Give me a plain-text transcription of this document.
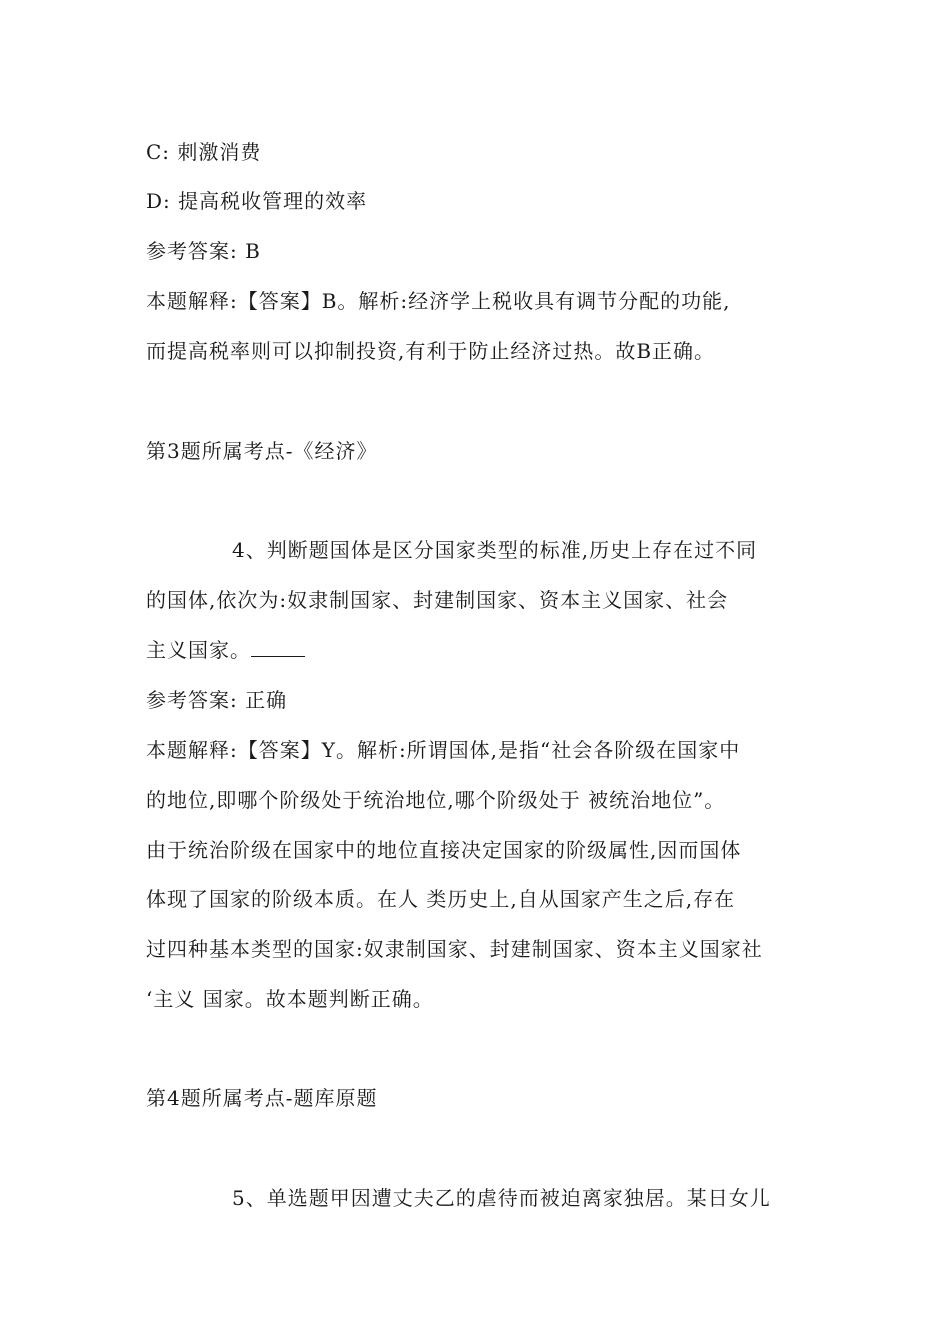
C: 刺激消费
D: 提高税收管理的效率
参考答案: B
本题解释:【答案】B。解析:经济学上税收具有调节分配的功能,
而提高税率则可以抑制投资,有利于防止经济过热。故B正确。
第3题所属考点-《经济》
4、判断题国体是区分国家类型的标准,历史上存在过不同
的国体,依次为:奴隶制国家、封建制国家、资本主义国家、社会
主义国家。
参考答案: 正确
本题解释:【答案】Y。解析:所谓国体,是指“社会各阶级在国家中
的地位,即哪个阶级处于统治地位,哪个阶级处于 被统治地位”。
由于统治阶级在国家中的地位直接决定国家的阶级属性,因而国体
体现了国家的阶级本质。在人 类历史上,自从国家产生之后,存在
过四种基本类型的国家:奴隶制国家、封建制国家、资本主义国家社
‘主义 国家。故本题判断正确。
第4题所属考点-题库原题
5、单选题甲因遭丈夫乙的虐待而被迫离家独居。某日女儿
